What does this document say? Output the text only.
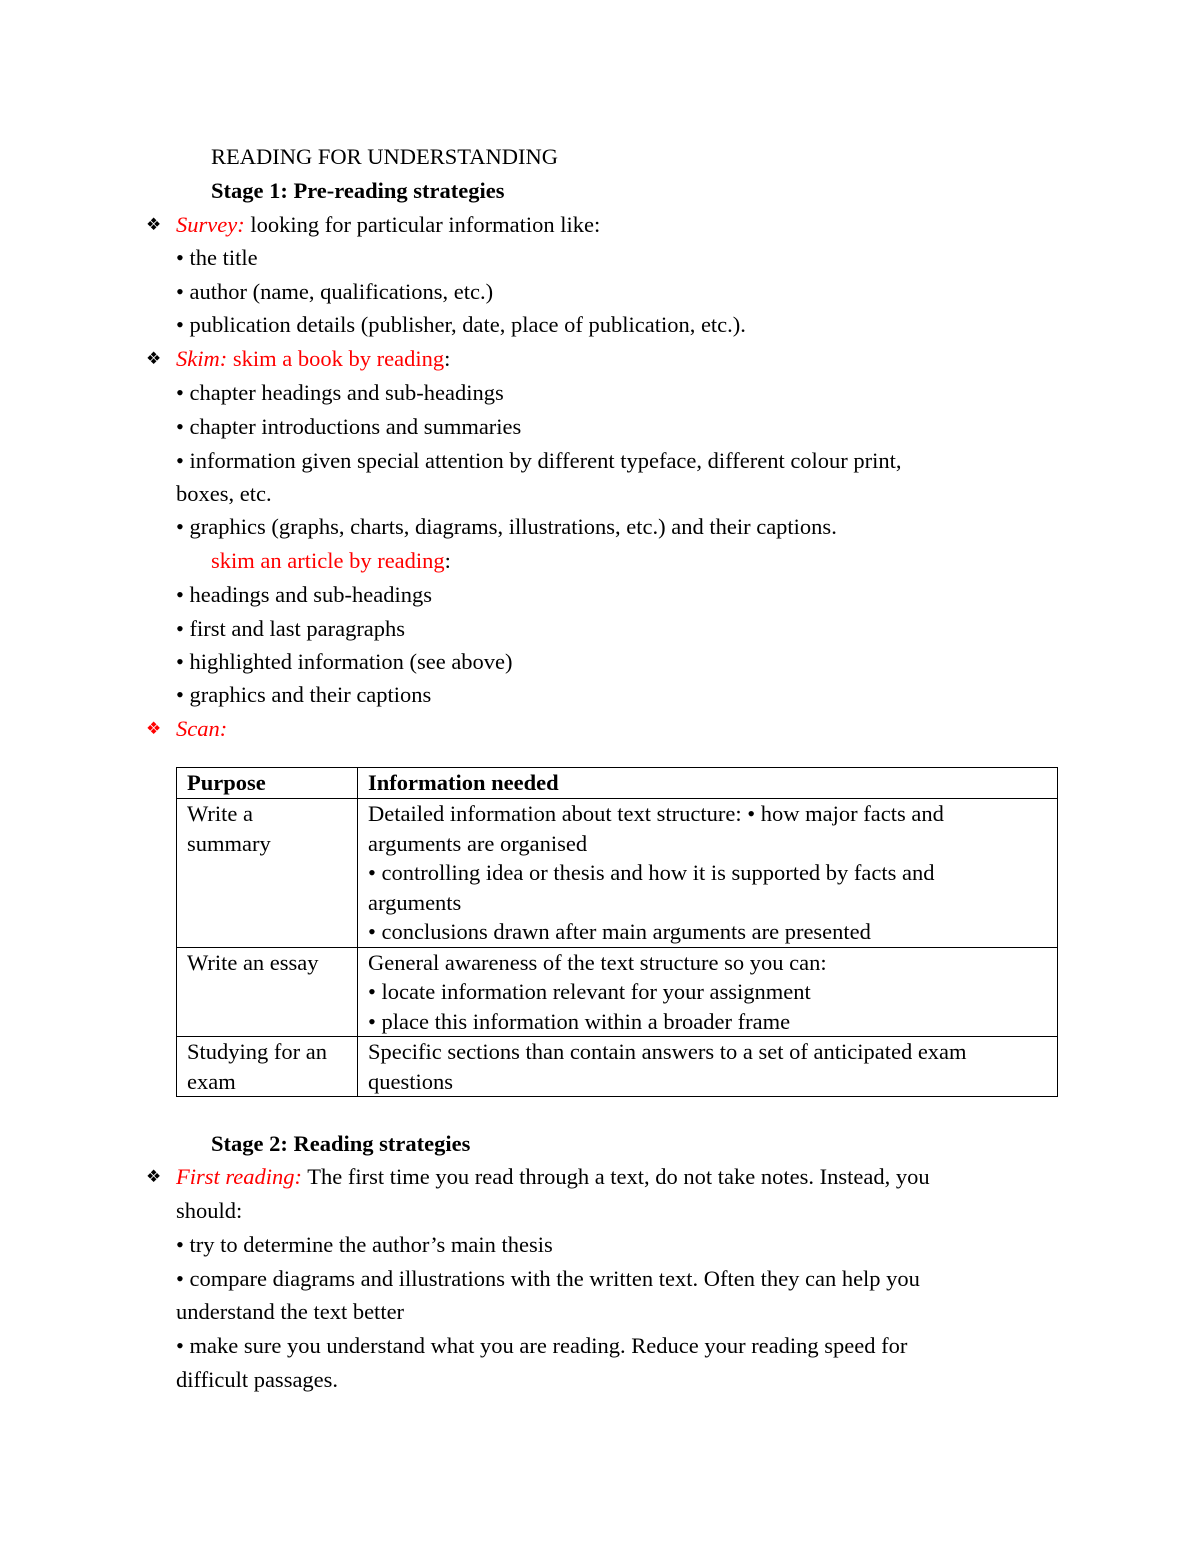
READING FOR UNDERSTANDING
Stage 1: Pre-reading strategies
❖ Survey: looking for particular information like:
• the title
• author (name, qualifications, etc.)
• publication details (publisher, date, place of publication, etc.).
❖ Skim: skim a book by reading:
• chapter headings and sub-headings
• chapter introductions and summaries
• information given special attention by different typeface, different colour print,
boxes, etc.
• graphics (graphs, charts, diagrams, illustrations, etc.) and their captions.
skim an article by reading:
• headings and sub-headings
• first and last paragraphs
• highlighted information (see above)
• graphics and their captions
❖ Scan:
Purpose	Information needed

Write a
summary	Detailed information about text structure: • how major facts and
arguments are organised
• controlling idea or thesis and how it is supported by facts and
arguments
• conclusions drawn after main arguments are presented

Write an essay	General awareness of the text structure so you can:
• locate information relevant for your assignment
• place this information within a broader frame

Studying for an
exam	Specific sections than contain answers to a set of anticipated exam
questions
Stage 2: Reading strategies
❖ First reading: The first time you read through a text, do not take notes. Instead, you
should:
• try to determine the author’s main thesis
• compare diagrams and illustrations with the written text. Often they can help you
understand the text better
• make sure you understand what you are reading. Reduce your reading speed for
difficult passages.
